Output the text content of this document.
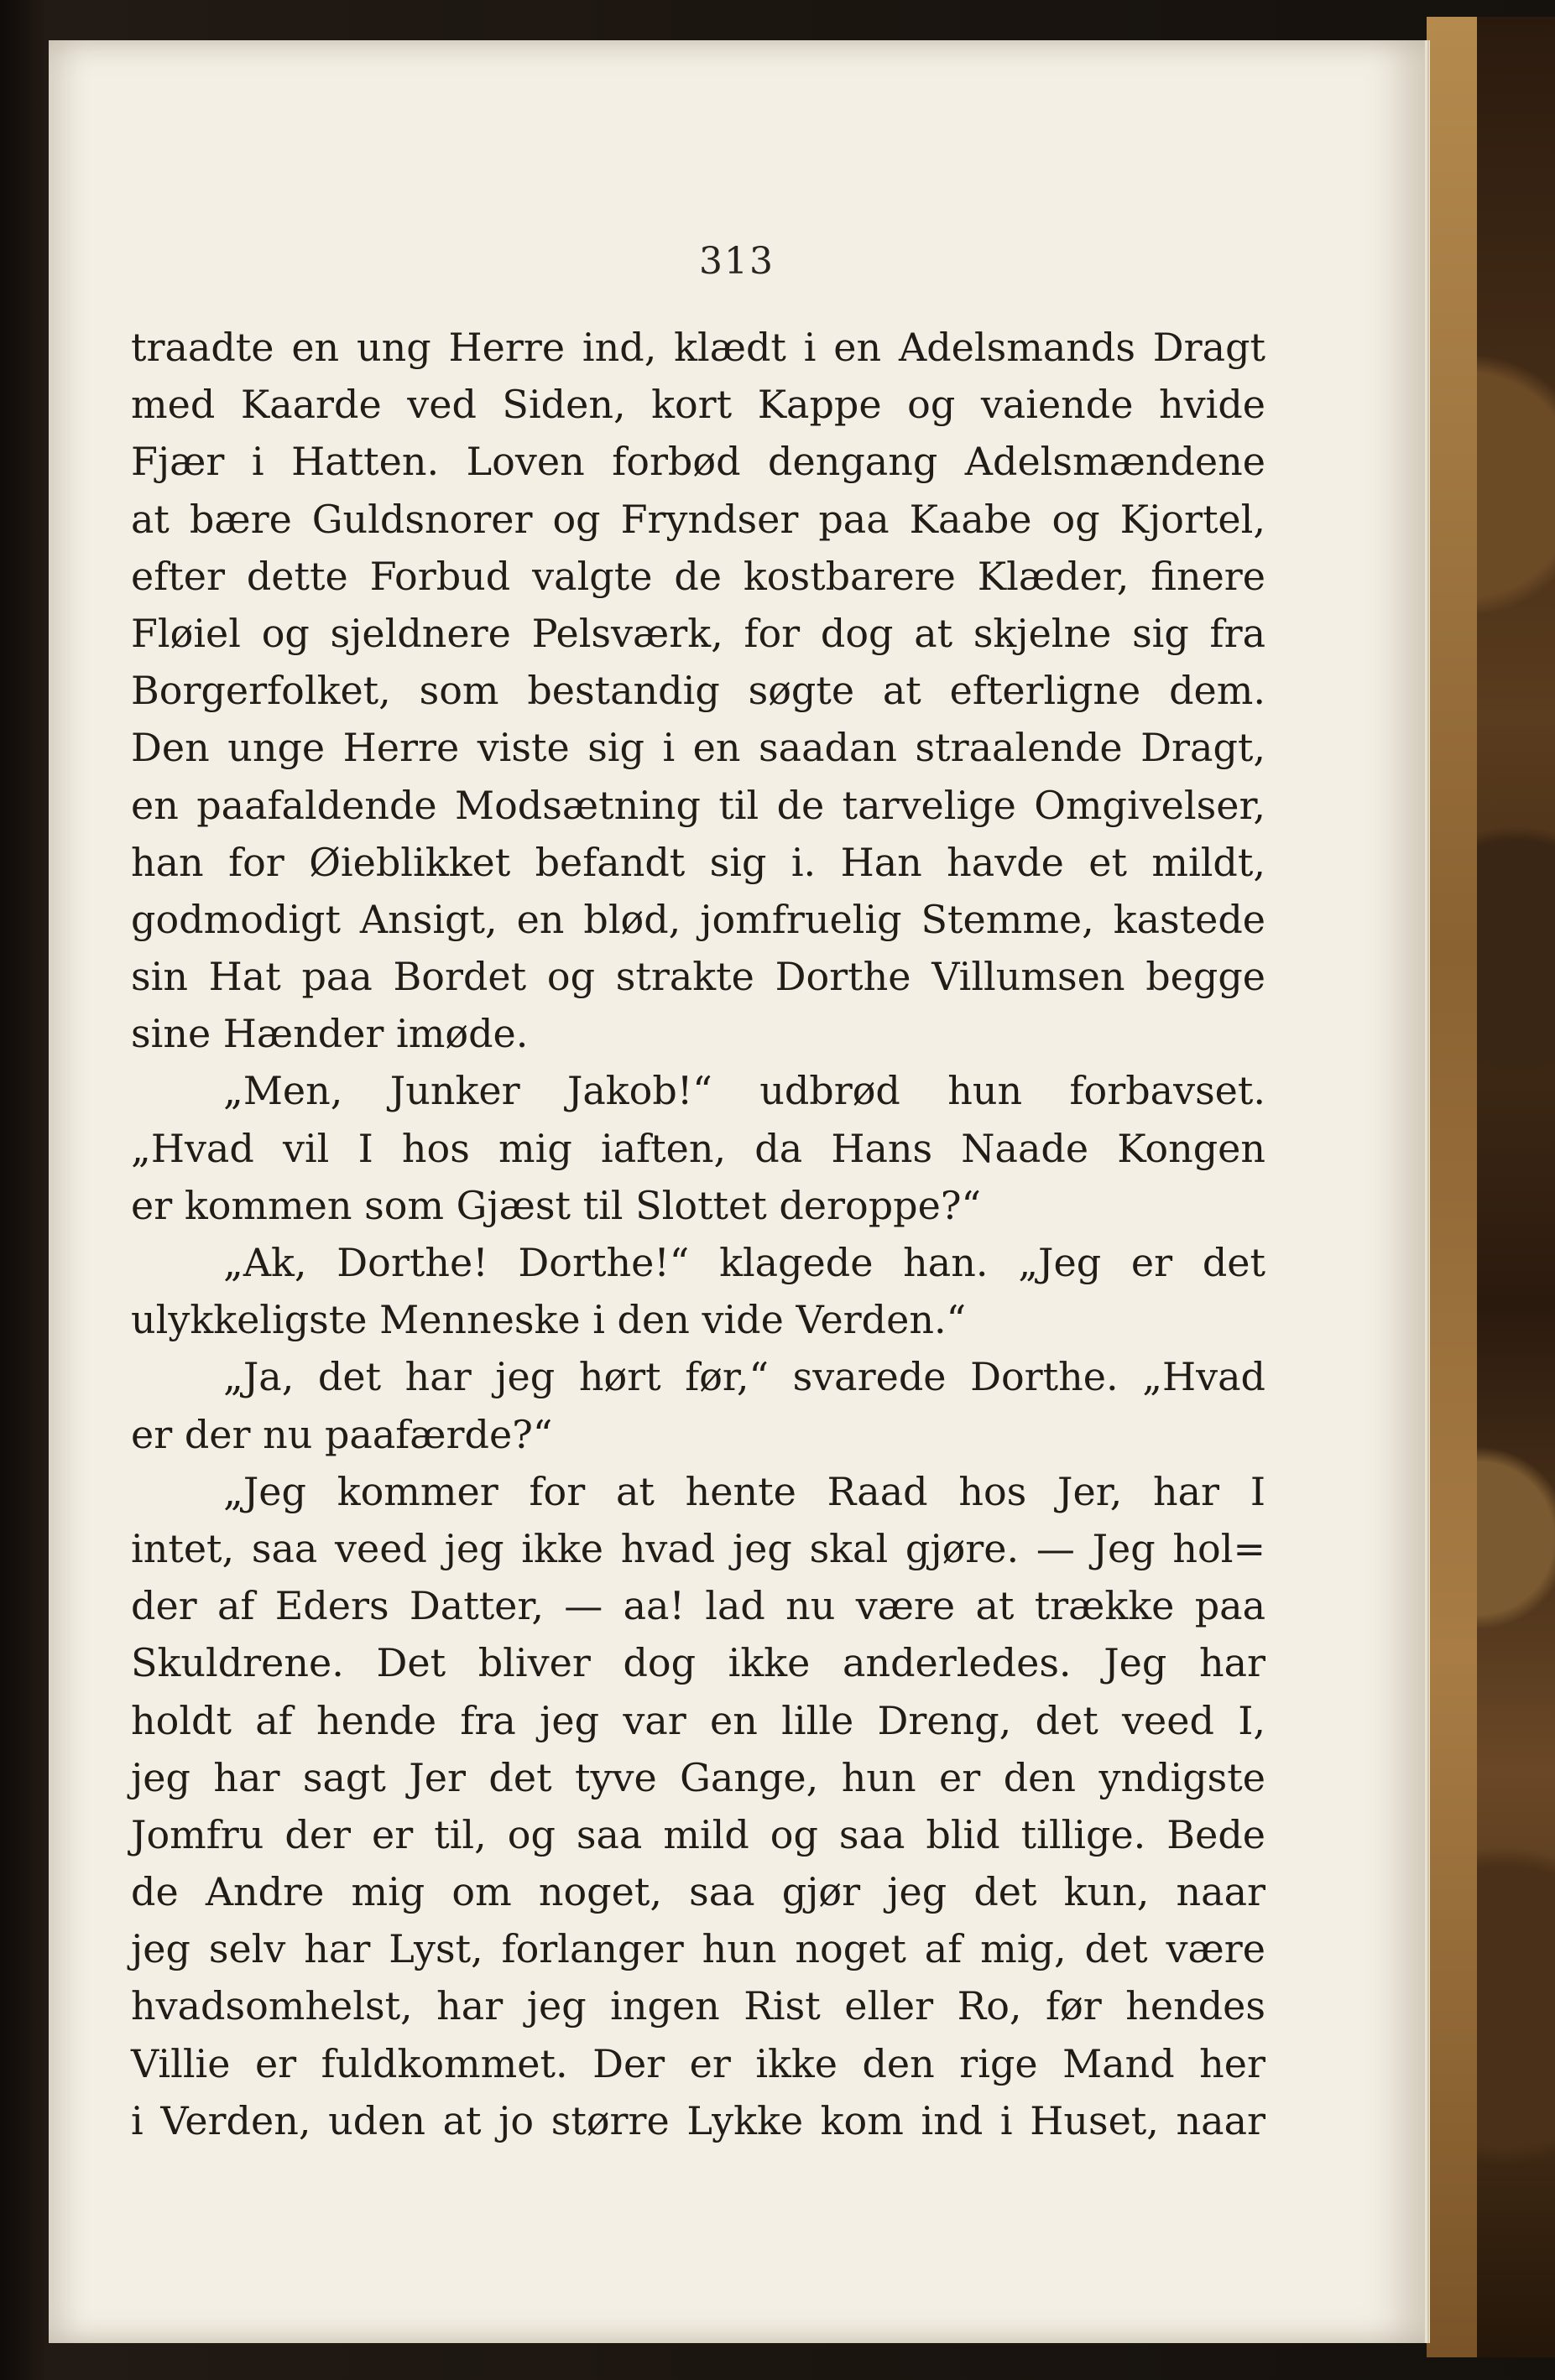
313
traadte en ung Herre ind, klædt i en Adelsmands Dragt
med Kaarde ved Siden, kort Kappe og vaiende hvide
Fjær i Hatten. Loven forbød dengang Adelsmændene
at bære Guldsnorer og Fryndser paa Kaabe og Kjortel,
efter dette Forbud valgte de kostbarere Klæder, finere
Fløiel og sjeldnere Pelsværk, for dog at skjelne sig fra
Borgerfolket, som bestandig søgte at efterligne dem.
Den unge Herre viste sig i en saadan straalende Dragt,
en paafaldende Modsætning til de tarvelige Omgivelser,
han for Øieblikket befandt sig i. Han havde et mildt,
godmodigt Ansigt, en blød, jomfruelig Stemme, kastede
sin Hat paa Bordet og strakte Dorthe Villumsen begge
sine Hænder imøde.
„Men, Junker Jakob!“ udbrød hun forbavset.
„Hvad vil I hos mig iaften, da Hans Naade Kongen
er kommen som Gjæst til Slottet deroppe?“
„Ak, Dorthe! Dorthe!“ klagede han. „Jeg er det
ulykkeligste Menneske i den vide Verden.“
„Ja, det har jeg hørt før,“ svarede Dorthe. „Hvad
er der nu paafærde?“
„Jeg kommer for at hente Raad hos Jer, har I
intet, saa veed jeg ikke hvad jeg skal gjøre. — Jeg hol=
der af Eders Datter, — aa! lad nu være at trække paa
Skuldrene. Det bliver dog ikke anderledes. Jeg har
holdt af hende fra jeg var en lille Dreng, det veed I,
jeg har sagt Jer det tyve Gange, hun er den yndigste
Jomfru der er til, og saa mild og saa blid tillige. Bede
de Andre mig om noget, saa gjør jeg det kun, naar
jeg selv har Lyst, forlanger hun noget af mig, det være
hvadsomhelst, har jeg ingen Rist eller Ro, før hendes
Villie er fuldkommet. Der er ikke den rige Mand her
i Verden, uden at jo større Lykke kom ind i Huset, naar
